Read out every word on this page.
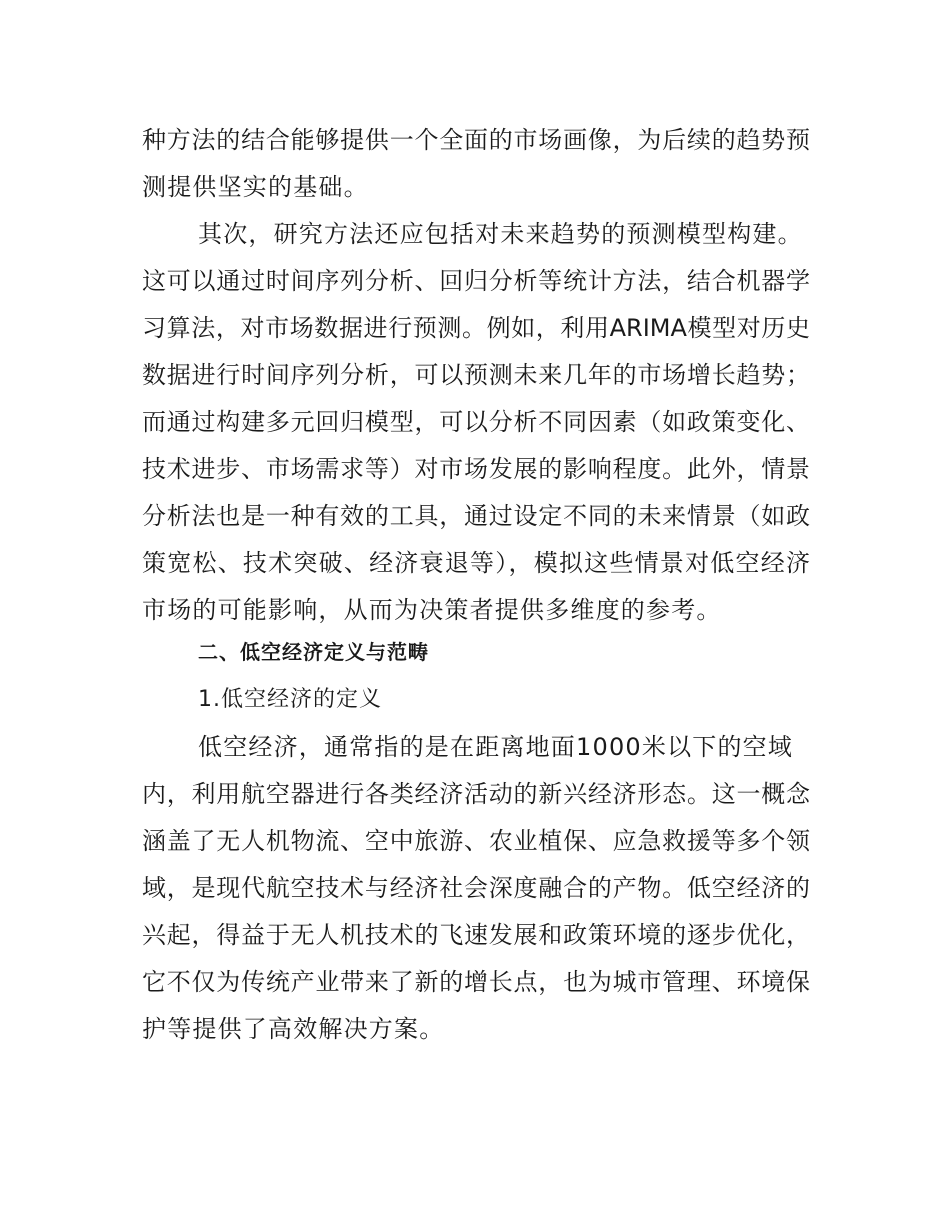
种方法的结合能够提供一个全面的市场画像，为后续的趋势预
测提供坚实的基础。
其次，研究方法还应包括对未来趋势的预测模型构建。
这可以通过时间序列分析、回归分析等统计方法，结合机器学
习算法，对市场数据进行预测。例如，利用ARIMA模型对历史
数据进行时间序列分析，可以预测未来几年的市场增长趋势；
而通过构建多元回归模型，可以分析不同因素（如政策变化、
技术进步、市场需求等）对市场发展的影响程度。此外，情景
分析法也是一种有效的工具，通过设定不同的未来情景（如政
策宽松、技术突破、经济衰退等），模拟这些情景对低空经济
市场的可能影响，从而为决策者提供多维度的参考。
二、低空经济定义与范畴
1.低空经济的定义
低空经济，通常指的是在距离地面1000米以下的空域
内，利用航空器进行各类经济活动的新兴经济形态。这一概念
涵盖了无人机物流、空中旅游、农业植保、应急救援等多个领
域，是现代航空技术与经济社会深度融合的产物。低空经济的
兴起，得益于无人机技术的飞速发展和政策环境的逐步优化，
它不仅为传统产业带来了新的增长点，也为城市管理、环境保
护等提供了高效解决方案。
